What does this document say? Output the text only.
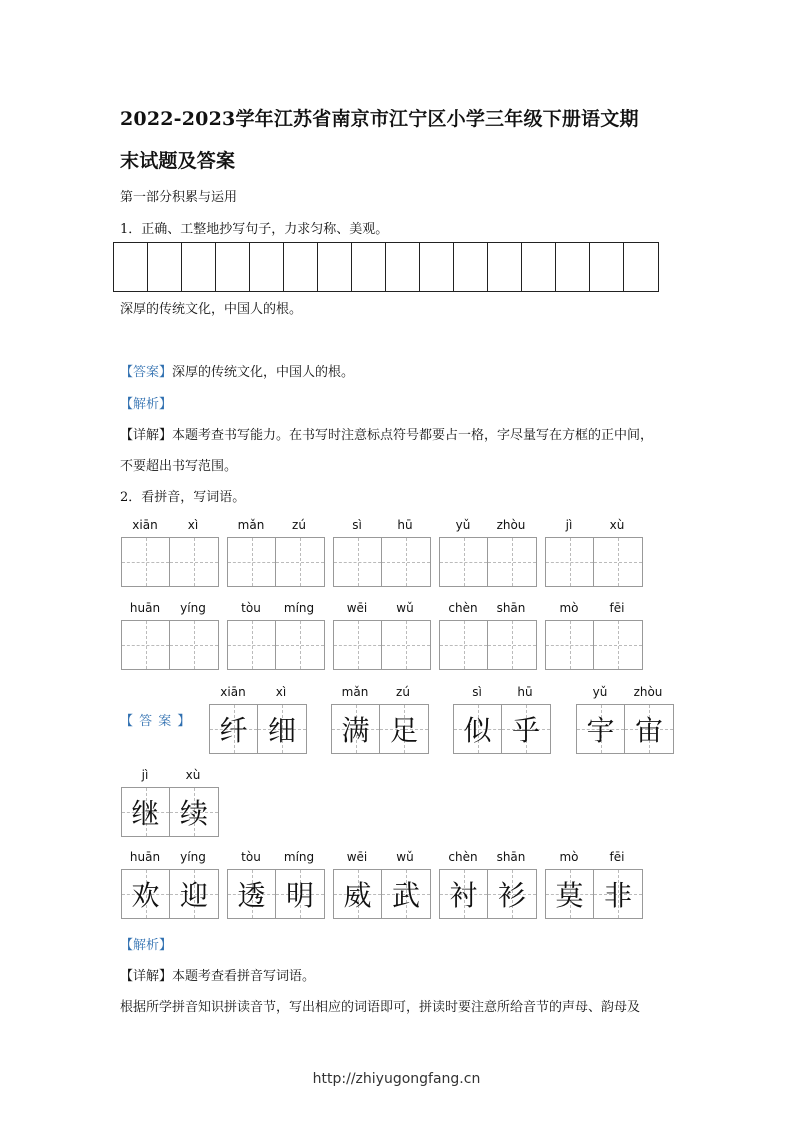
2022-2023学年江苏省南京市江宁区小学三年级下册语文期
末试题及答案
第一部分积累与运用
1．正确、工整地抄写句子，力求匀称、美观。
深厚的传统文化，中国人的根。
【答案】深厚的传统文化，中国人的根。
【解析】
【详解】本题考查书写能力。在书写时注意标点符号都要占一格，字尽量写在方框的正中间，
不要超出书写范围。
2．看拼音，写词语。
xiān	xì	mǎn	zú	sì	hū	yǔ	zhòu	jì	xù
huān	yíng	tòu	míng	wēi	wǔ	chèn	shān	mò	fēi
xiān	xì
纤 细
mǎn	zú
满 足
sì	hū
似 乎
yǔ	zhòu
宇 宙
jì	xù
继 续
huān	yíng
欢 迎
tòu	míng
透 明
wēi	wǔ
威 武
chèn	shān
衬 衫
mò	fēi
莫 非
【 答 案 】
【解析】
【详解】本题考查看拼音写词语。
根据所学拼音知识拼读音节，写出相应的词语即可，拼读时要注意所给音节的声母、韵母及
http://zhiyugongfang.cn
